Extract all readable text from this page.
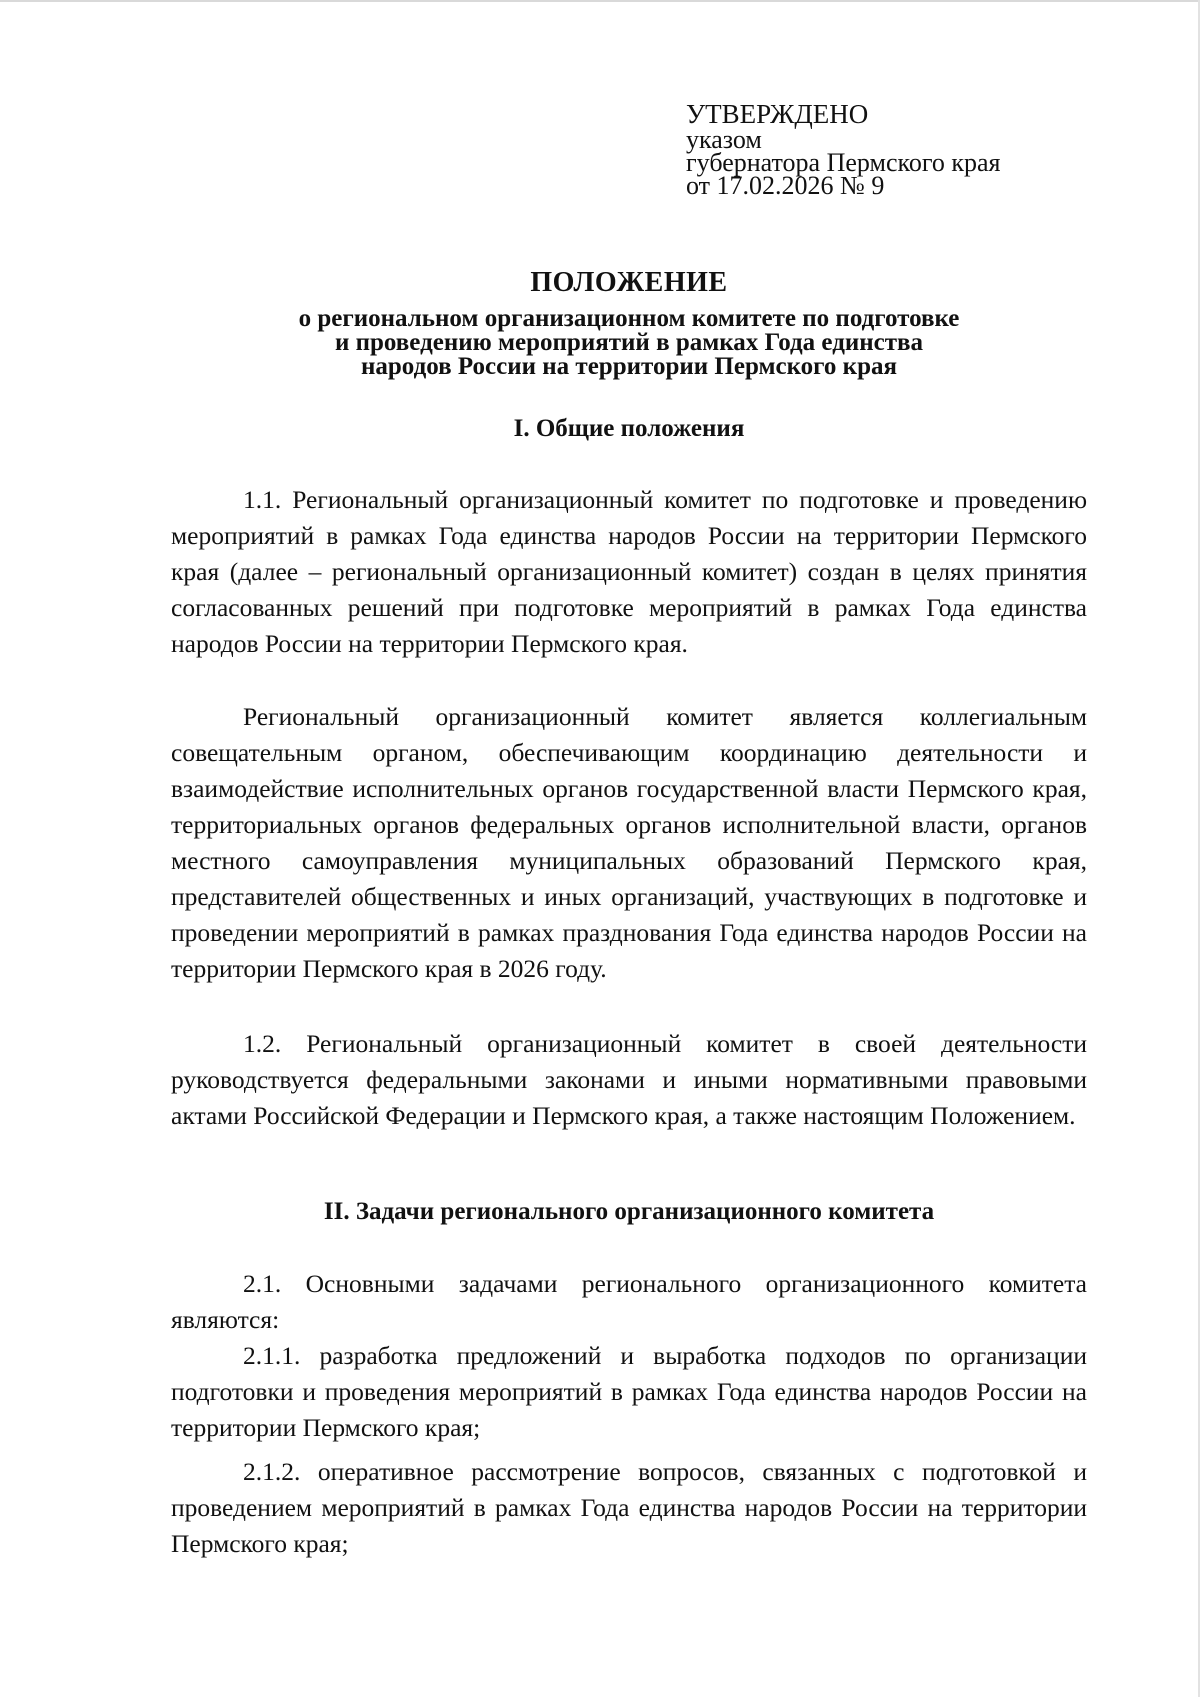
УТВЕРЖДЕНО
указом
губернатора Пермского края
от 17.02.2026 № 9
ПОЛОЖЕНИЕ
о региональном организационном комитете по подготовке
и проведению мероприятий в рамках Года единства
народов России на территории Пермского края
I. Общие положения

1.1. Региональный организационный комитет по подготовке и проведению мероприятий в рамках Года единства народов России на территории Пермского края (далее – региональный организационный комитет) создан в целях принятия согласованных решений при подготовке мероприятий в рамках Года единства народов России на территории Пермского края.

Региональный организационный комитет является коллегиальным совещательным органом, обеспечивающим координацию деятельности и взаимодействие исполнительных органов государственной власти Пермского края, территориальных органов федеральных органов исполнительной власти, органов местного самоуправления муниципальных образований Пермского края, представителей общественных и иных организаций, участвующих в подготовке и проведении мероприятий в рамках празднования Года единства народов России на территории Пермского края в 2026 году.

1.2. Региональный организационный комитет в своей деятельности руководствуется федеральными законами и иными нормативными правовыми актами Российской Федерации и Пермского края, а также настоящим Положением.

II. Задачи регионального организационного комитета

2.1. Основными задачами регионального организационного комитета являются:

2.1.1. разработка предложений и выработка подходов по организации подготовки и проведения мероприятий в рамках Года единства народов России на территории Пермского края;

2.1.2. оперативное рассмотрение вопросов, связанных с подготовкой и проведением мероприятий в рамках Года единства народов России на территории Пермского края;
